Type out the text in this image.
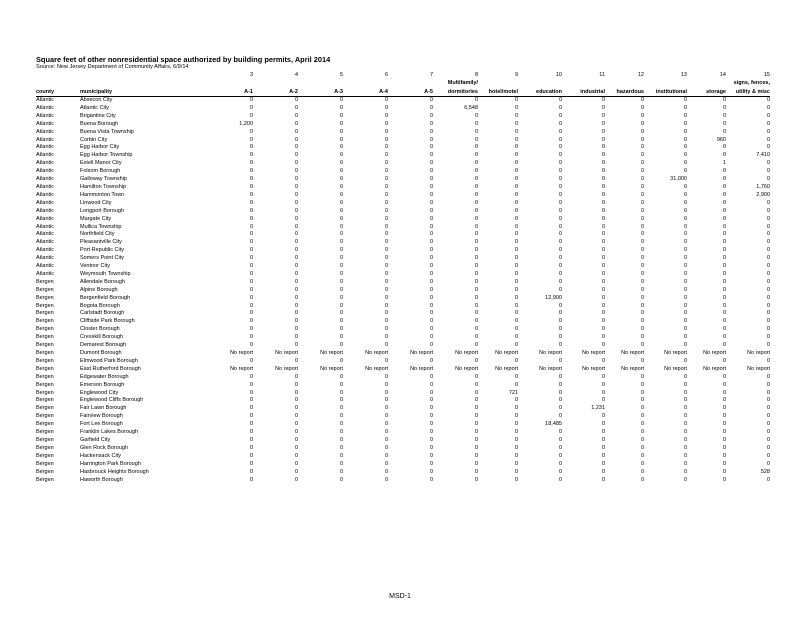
Square feet of other nonresidential space authorized by building permits, April 2014
Source: New Jersey Department of Community Affairs, 6/9/14
		3	4	5	6	7	8	9	10	11	12	13	14	15
							Multifamily/							signs, fences,
county	municipality	A-1	A-2	A-3	A-4	A-5	dormitories	hotel/motel	education	industrial	hazardous	institutional	storage	utility & misc
Atlantic	Absecon City	0	0	0	0	0	0	0	0	0	0	0	0	0
Atlantic	Atlantic City	0	0	0	0	0	6,548	0	0	0	0	0	0	0
Atlantic	Brigantine City	0	0	0	0	0	0	0	0	0	0	0	0	0
Atlantic	Buena Borough	1,200	0	0	0	0	0	0	0	0	0	0	0	0
Atlantic	Buena Vista Township	0	0	0	0	0	0	0	0	0	0	0	0	0
Atlantic	Corbin City	0	0	0	0	0	0	0	0	0	0	0	960	0
Atlantic	Egg Harbor City	0	0	0	0	0	0	0	0	0	0	0	0	0
Atlantic	Egg Harbor Township	0	0	0	0	0	0	0	0	0	0	0	0	7,410
Atlantic	Estell Manor City	0	0	0	0	0	0	0	0	0	0	0	1	0
Atlantic	Folsom Borough	0	0	0	0	0	0	0	0	0	0	0	0	0
Atlantic	Galloway Township	0	0	0	0	0	0	0	0	0	0	31,000	0	0
Atlantic	Hamilton Township	0	0	0	0	0	0	0	0	0	0	0	0	1,760
Atlantic	Hammonton Town	0	0	0	0	0	0	0	0	0	0	0	0	2,900
Atlantic	Linwood City	0	0	0	0	0	0	0	0	0	0	0	0	0
Atlantic	Longport Borough	0	0	0	0	0	0	0	0	0	0	0	0	0
Atlantic	Margate City	0	0	0	0	0	0	0	0	0	0	0	0	0
Atlantic	Mullica Township	0	0	0	0	0	0	0	0	0	0	0	0	0
Atlantic	Northfield City	0	0	0	0	0	0	0	0	0	0	0	0	0
Atlantic	Pleasantville City	0	0	0	0	0	0	0	0	0	0	0	0	0
Atlantic	Port Republic City	0	0	0	0	0	0	0	0	0	0	0	0	0
Atlantic	Somers Point City	0	0	0	0	0	0	0	0	0	0	0	0	0
Atlantic	Ventnor City	0	0	0	0	0	0	0	0	0	0	0	0	0
Atlantic	Weymouth Township	0	0	0	0	0	0	0	0	0	0	0	0	0
Bergen	Allendale Borough	0	0	0	0	0	0	0	0	0	0	0	0	0
Bergen	Alpine Borough	0	0	0	0	0	0	0	0	0	0	0	0	0
Bergen	Bergenfield Borough	0	0	0	0	0	0	0	12,900	0	0	0	0	0
Bergen	Bogota Borough	0	0	0	0	0	0	0	0	0	0	0	0	0
Bergen	Carlstadt Borough	0	0	0	0	0	0	0	0	0	0	0	0	0
Bergen	Cliffside Park Borough	0	0	0	0	0	0	0	0	0	0	0	0	0
Bergen	Closter Borough	0	0	0	0	0	0	0	0	0	0	0	0	0
Bergen	Cresskill Borough	0	0	0	0	0	0	0	0	0	0	0	0	0
Bergen	Demarest Borough	0	0	0	0	0	0	0	0	0	0	0	0	0
Bergen	Dumont Borough	No report	No report	No report	No report	No report	No report	No report	No report	No report	No report	No report	No report	No report
Bergen	Elmwood Park Borough	0	0	0	0	0	0	0	0	0	0	0	0	0
Bergen	East Rutherford Borough	No report	No report	No report	No report	No report	No report	No report	No report	No report	No report	No report	No report	No report
Bergen	Edgewater Borough	0	0	0	0	0	0	0	0	0	0	0	0	0
Bergen	Emerson Borough	0	0	0	0	0	0	0	0	0	0	0	0	0
Bergen	Englewood City	0	0	0	0	0	0	721	0	0	0	0	0	0
Bergen	Englewood Cliffs Borough	0	0	0	0	0	0	0	0	0	0	0	0	0
Bergen	Fair Lawn Borough	0	0	0	0	0	0	0	0	1,231	0	0	0	0
Bergen	Fairview Borough	0	0	0	0	0	0	0	0	0	0	0	0	0
Bergen	Fort Lee Borough	0	0	0	0	0	0	0	18,485	0	0	0	0	0
Bergen	Franklin Lakes Borough	0	0	0	0	0	0	0	0	0	0	0	0	0
Bergen	Garfield City	0	0	0	0	0	0	0	0	0	0	0	0	0
Bergen	Glen Rock Borough	0	0	0	0	0	0	0	0	0	0	0	0	0
Bergen	Hackensack City	0	0	0	0	0	0	0	0	0	0	0	0	0
Bergen	Harrington Park Borough	0	0	0	0	0	0	0	0	0	0	0	0	0
Bergen	Hasbrouck Heights Borough	0	0	0	0	0	0	0	0	0	0	0	0	528
Bergen	Haworth Borough	0	0	0	0	0	0	0	0	0	0	0	0	0
MSD-1
